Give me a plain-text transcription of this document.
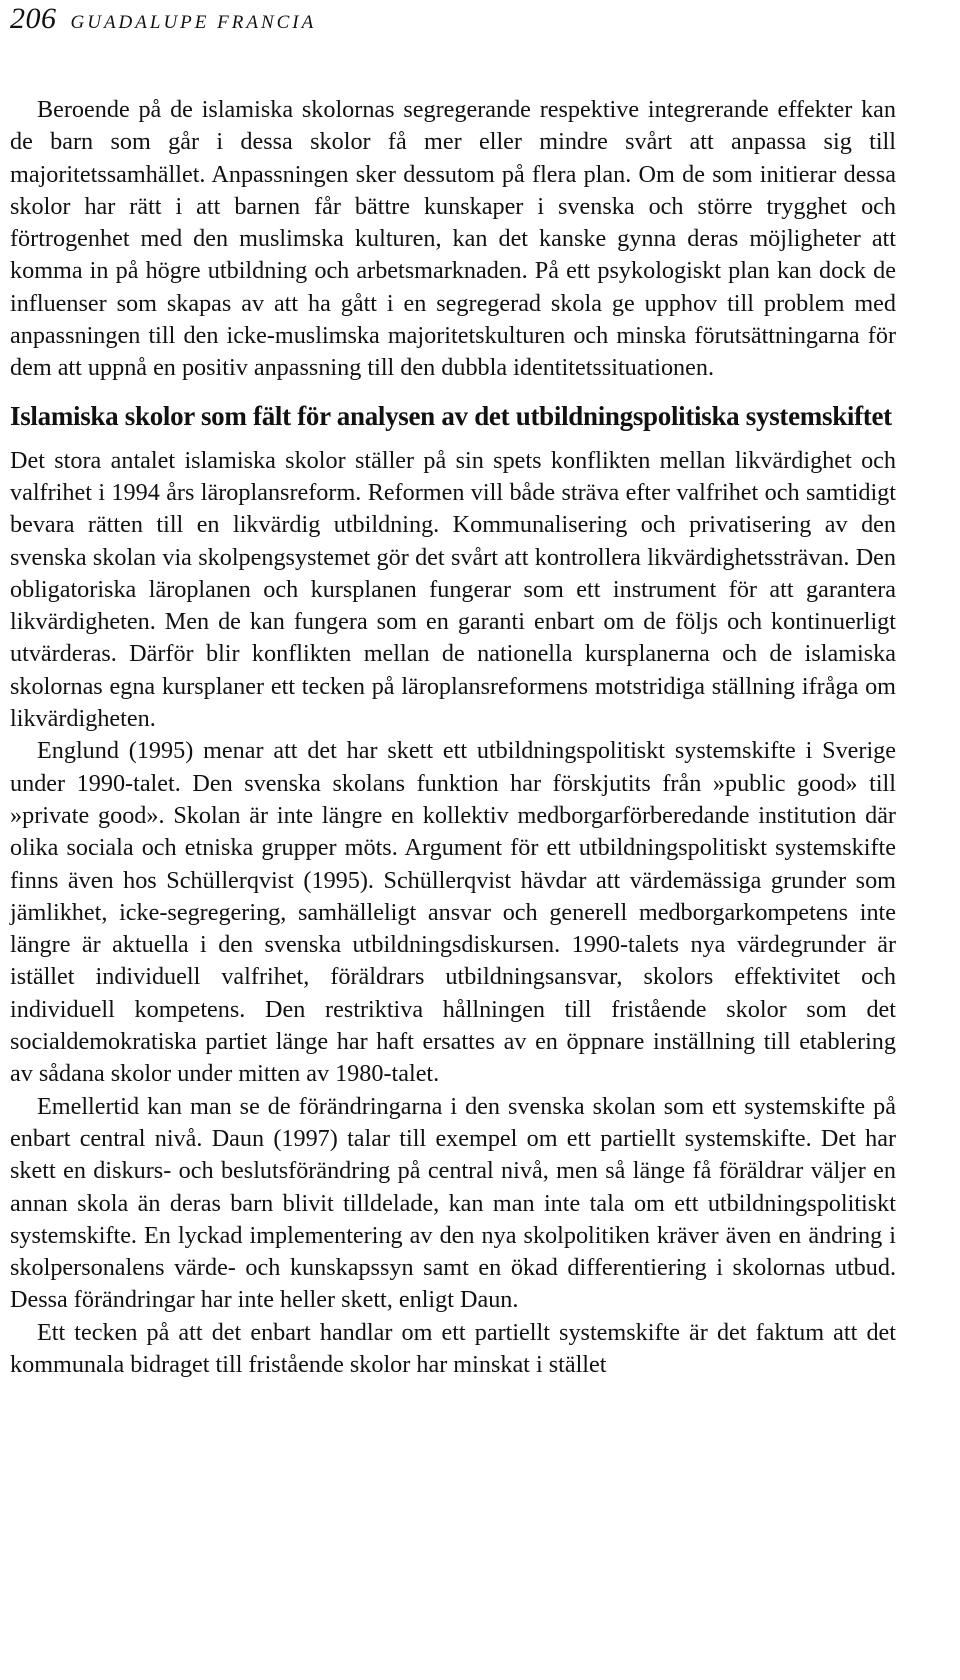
206 GUADALUPE FRANCIA

Beroende på de islamiska skolornas segregerande respektive integrerande effekter kan de barn som går i dessa skolor få mer eller mindre svårt att anpassa sig till majoritetssamhället. Anpassningen sker dessutom på flera plan. Om de som initierar dessa skolor har rätt i att barnen får bättre kunskaper i svenska och större trygghet och förtrogenhet med den muslimska kulturen, kan det kanske gynna deras möjligheter att komma in på högre utbildning och arbetsmarknaden. På ett psykologiskt plan kan dock de influenser som skapas av att ha gått i en segregerad skola ge upphov till problem med anpassningen till den icke-muslimska majoritetskulturen och minska förutsättningarna för dem att uppnå en positiv anpassning till den dubbla identitetssituationen.

Islamiska skolor som fält för analysen av det utbildningspolitiska systemskiftet

Det stora antalet islamiska skolor ställer på sin spets konflikten mellan likvärdighet och valfrihet i 1994 års läroplansreform. Reformen vill både sträva efter valfrihet och samtidigt bevara rätten till en likvärdig utbildning. Kommunalisering och privatisering av den svenska skolan via skolpengsystemet gör det svårt att kontrollera likvärdighetssträvan. Den obligatoriska läroplanen och kursplanen fungerar som ett instrument för att garantera likvärdigheten. Men de kan fungera som en garanti enbart om de följs och kontinuerligt utvärderas. Därför blir konflikten mellan de nationella kursplanerna och de islamiska skolornas egna kursplaner ett tecken på läroplansreformens motstridiga ställning ifråga om likvärdigheten.

Englund (1995) menar att det har skett ett utbildningspolitiskt systemskifte i Sverige under 1990-talet. Den svenska skolans funktion har förskjutits från »public good» till »private good». Skolan är inte längre en kollektiv medborgarförberedande institution där olika sociala och etniska grupper möts. Argument för ett utbildningspolitiskt systemskifte finns även hos Schüllerqvist (1995). Schüllerqvist hävdar att värdemässiga grunder som jämlikhet, icke-segregering, samhälleligt ansvar och generell medborgarkompetens inte längre är aktuella i den svenska utbildningsdiskursen. 1990-talets nya värdegrunder är istället individuell valfrihet, föräldrars utbildningsansvar, skolors effektivitet och individuell kompetens. Den restriktiva hållningen till fristående skolor som det socialdemokratiska partiet länge har haft ersattes av en öppnare inställning till etablering av sådana skolor under mitten av 1980-talet.

Emellertid kan man se de förändringarna i den svenska skolan som ett systemskifte på enbart central nivå. Daun (1997) talar till exempel om ett partiellt systemskifte. Det har skett en diskurs- och beslutsförändring på central nivå, men så länge få föräldrar väljer en annan skola än deras barn blivit tilldelade, kan man inte tala om ett utbildningspolitiskt systemskifte. En lyckad implementering av den nya skolpolitiken kräver även en ändring i skolpersonalens värde- och kunskapssyn samt en ökad differentiering i skolornas utbud. Dessa förändringar har inte heller skett, enligt Daun.

Ett tecken på att det enbart handlar om ett partiellt systemskifte är det faktum att det kommunala bidraget till fristående skolor har minskat i stället
